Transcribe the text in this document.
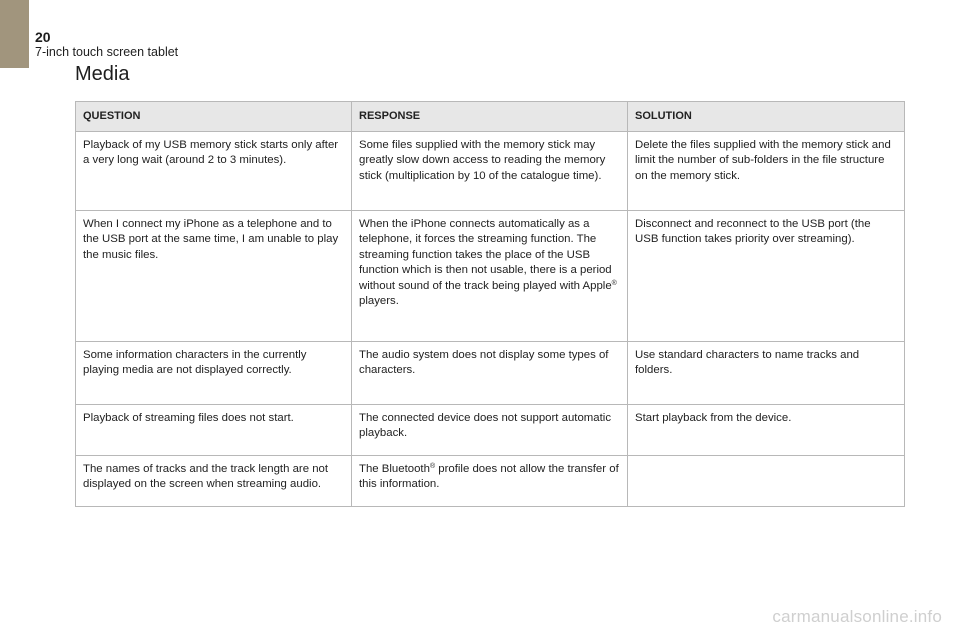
20
7-inch touch screen tablet
Media
QUESTION	RESPONSE	SOLUTION
Playback of my USB memory stick starts only after a very long wait (around 2 to 3 minutes).	Some files supplied with the memory stick may greatly slow down access to reading the memory stick (multiplication by 10 of the catalogue time).	Delete the files supplied with the memory stick and limit the number of sub-folders in the file structure on the memory stick.
When I connect my iPhone as a telephone and to the USB port at the same time, I am unable to play the music files.	When the iPhone connects automatically as a telephone, it forces the streaming function. The streaming function takes the place of the USB function which is then not usable, there is a period without sound of the track being played with Apple® players.	Disconnect and reconnect to the USB port (the USB function takes priority over streaming).
Some information characters in the currently playing media are not displayed correctly.	The audio system does not display some types of characters.	Use standard characters to name tracks and folders.
Playback of streaming files does not start.	The connected device does not support automatic playback.	Start playback from the device.
The names of tracks and the track length are not displayed on the screen when streaming audio.	The Bluetooth® profile does not allow the transfer of this information.	
carmanualsonline.info
